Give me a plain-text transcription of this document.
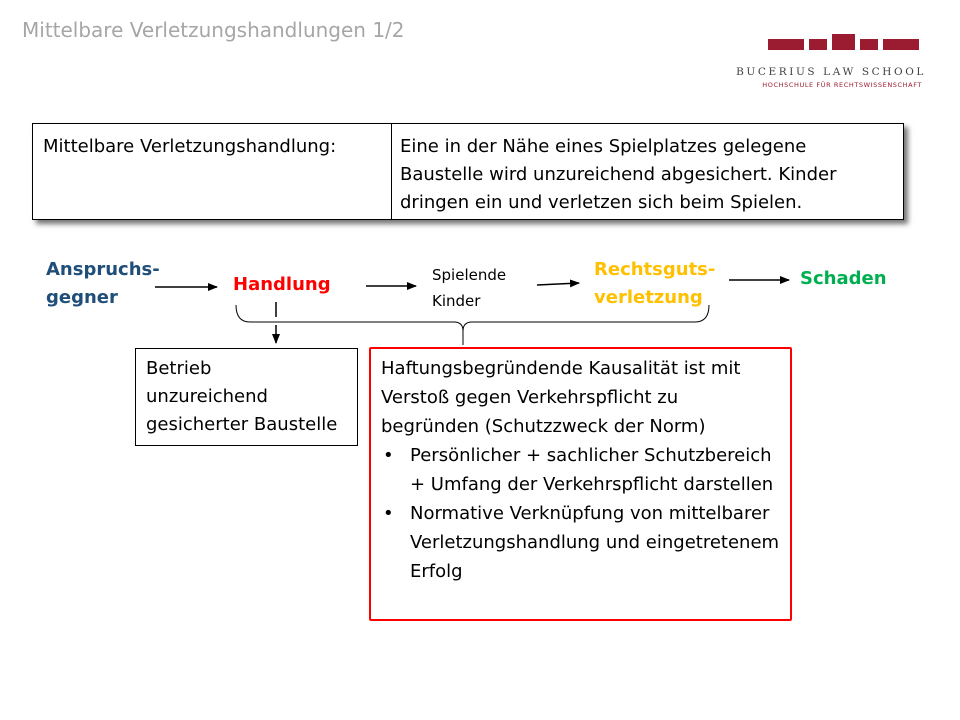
Mittelbare Verletzungshandlungen 1/2
BUCERIUS LAW SCHOOL
HOCHSCHULE FÜR RECHTSWISSENSCHAFT
Mittelbare Verletzungshandlung:	Eine in der Nähe eines Spielplatzes gelegene Baustelle wird unzureichend abgesichert. Kinder dringen ein und verletzen sich beim Spielen.
Anspruchs-
gegner
Handlung	Spielende
Kinder
Rechtsguts-
verletzung
Schaden
Betrieb
unzureichend
gesicherter Baustelle

Haftungsbegründende Kausalität ist mit Verstoß gegen Verkehrspflicht zu begründen (Schutzzweck der Norm)

• Persönlicher + sachlicher Schutzbereich + Umfang der Verkehrspflicht darstellen
• Normative Verknüpfung von mittelbarer Verletzungshandlung und eingetretenem Erfolg
